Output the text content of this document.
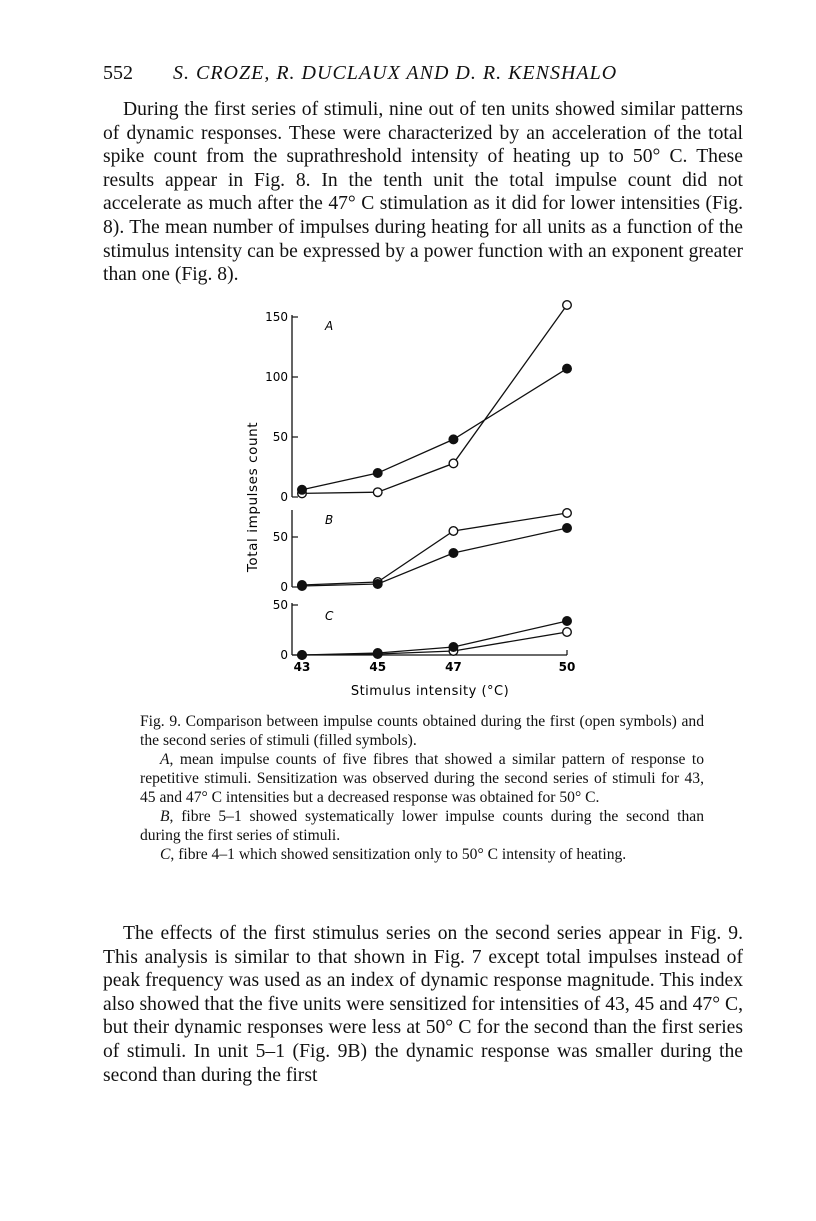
552 S. CROZE, R. DUCLAUX AND D. R. KENSHALO

During the first series of stimuli, nine out of ten units showed similar patterns of dynamic responses. These were characterized by an acceleration of the total spike count from the suprathreshold intensity of heating up to 50° C. These results appear in Fig. 8. In the tenth unit the total impulse count did not accelerate as much after the 47° C stimulation as it did for lower intensities (Fig. 8). The mean number of impulses during heating for all units as a function of the stimulus intensity can be expressed by a power function with an exponent greater than one (Fig. 8).

Total impulses count
Stimulus intensity (°C)
0
50
100
150
A
0
50
B
0
50
C
43	45	47	50

Fig. 9. Comparison between impulse counts obtained during the first (open symbols) and the second series of stimuli (filled symbols).

A, mean impulse counts of five fibres that showed a similar pattern of response to repetitive stimuli. Sensitization was observed during the second series of stimuli for 43, 45 and 47° C intensities but a decreased response was obtained for 50° C.

B, fibre 5–1 showed systematically lower impulse counts during the second than during the first series of stimuli.

C, fibre 4–1 which showed sensitization only to 50° C intensity of heating.

The effects of the first stimulus series on the second series appear in Fig. 9. This analysis is similar to that shown in Fig. 7 except total impulses instead of peak frequency was used as an index of dynamic response magnitude. This index also showed that the five units were sensitized for intensities of 43, 45 and 47° C, but their dynamic responses were less at 50° C for the second than the first series of stimuli. In unit 5–1 (Fig. 9B) the dynamic response was smaller during the second than during the first
